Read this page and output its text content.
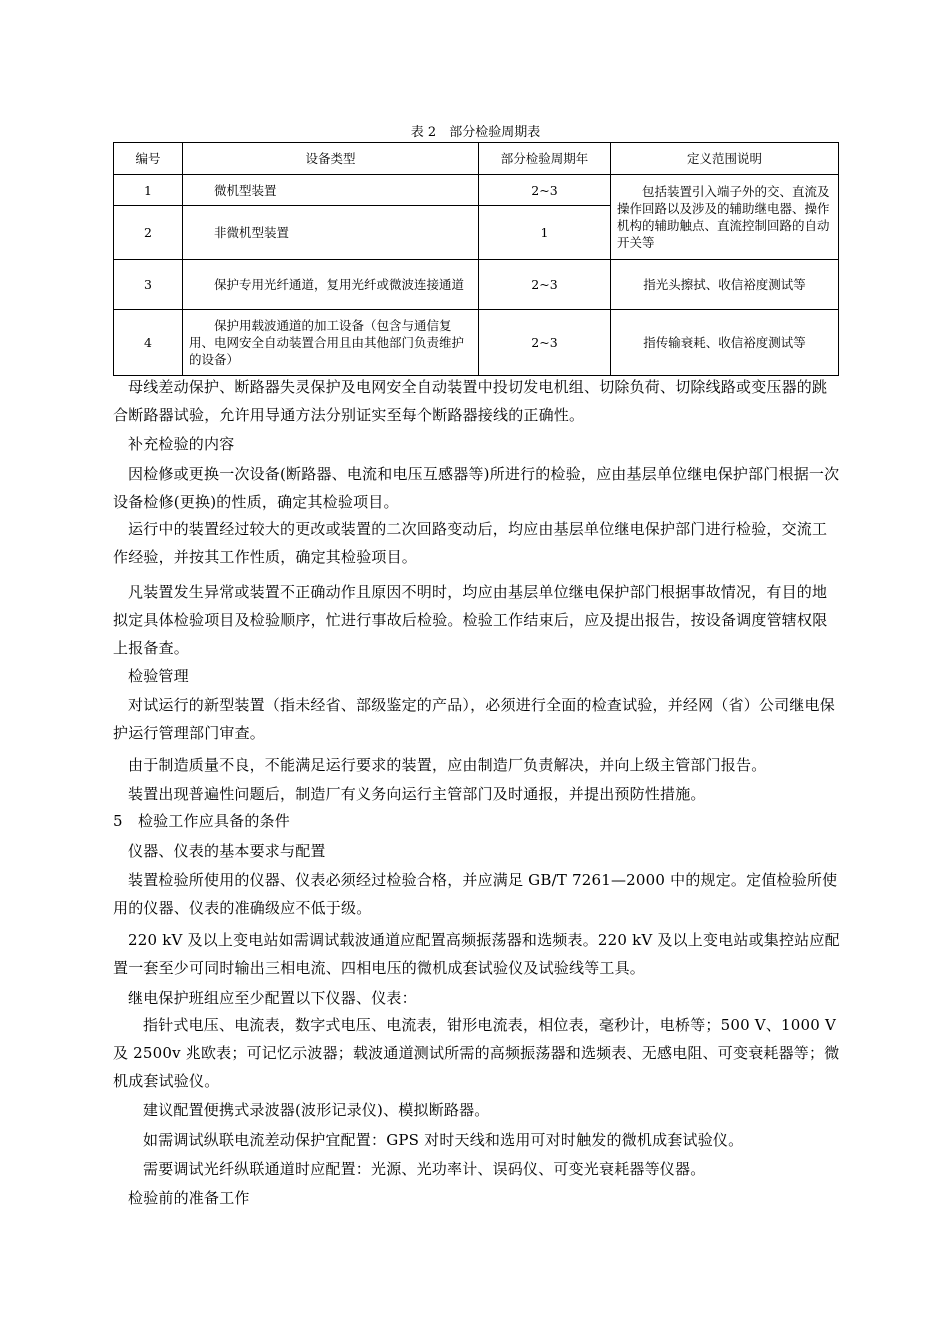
表 2　部分检验周期表
编号	设备类型	部分检验周期年	定义范围说明
1	微机型装置	2~3	包括装置引入端子外的交、直流及操作回路以及涉及的辅助继电器、操作机构的辅助触点、直流控制回路的自动开关等
2	非微机型装置	1	
3	保护专用光纤通道，复用光纤或微波连接通道	2~3	指光头擦拭、收信裕度测试等
4	保护用载波通道的加工设备（包含与通信复用、电网安全自动装置合用且由其他部门负责维护的设备）	2~3	指传输衰耗、收信裕度测试等

母线差动保护、断路器失灵保护及电网安全自动装置中投切发电机组、切除负荷、切除线路或变压器的跳合断路器试验，允许用导通方法分别证实至每个断路器接线的正确性。

补充检验的内容

因检修或更换一次设备(断路器、电流和电压互感器等)所进行的检验，应由基层单位继电保护部门根据一次设备检修(更换)的性质，确定其检验项目。

运行中的装置经过较大的更改或装置的二次回路变动后，均应由基层单位继电保护部门进行检验，交流工作经验，并按其工作性质，确定其检验项目。

凡装置发生异常或装置不正确动作且原因不明时，均应由基层单位继电保护部门根据事故情况，有目的地拟定具体检验项目及检验顺序，忙进行事故后检验。检验工作结束后，应及提出报告，按设备调度管辖权限上报备查。

检验管理

对试运行的新型装置（指未经省、部级鉴定的产品），必须进行全面的检查试验，并经网（省）公司继电保护运行管理部门审查。

由于制造质量不良，不能满足运行要求的装置，应由制造厂负责解决，并向上级主管部门报告。

装置出现普遍性问题后，制造厂有义务向运行主管部门及时通报，并提出预防性措施。

5　检验工作应具备的条件

仪器、仪表的基本要求与配置

装置检验所使用的仪器、仪表必须经过检验合格，并应满足 GB/T 7261—2000 中的规定。定值检验所使用的仪器、仪表的准确级应不低于级。

220 kV 及以上变电站如需调试载波通道应配置高频振荡器和选频表。220 kV 及以上变电站或集控站应配置一套至少可同时输出三相电流、四相电压的微机成套试验仪及试验线等工具。

继电保护班组应至少配置以下仪器、仪表：

指针式电压、电流表，数字式电压、电流表，钳形电流表，相位表，毫秒计，电桥等；500 V、1000 V 及 2500v 兆欧表；可记忆示波器；载波通道测试所需的高频振荡器和选频表、无感电阻、可变衰耗器等；微机成套试验仪。

建议配置便携式录波器(波形记录仪)、模拟断路器。

如需调试纵联电流差动保护宜配置：GPS 对时天线和选用可对时触发的微机成套试验仪。

需要调试光纤纵联通道时应配置：光源、光功率计、误码仪、可变光衰耗器等仪器。

检验前的准备工作
